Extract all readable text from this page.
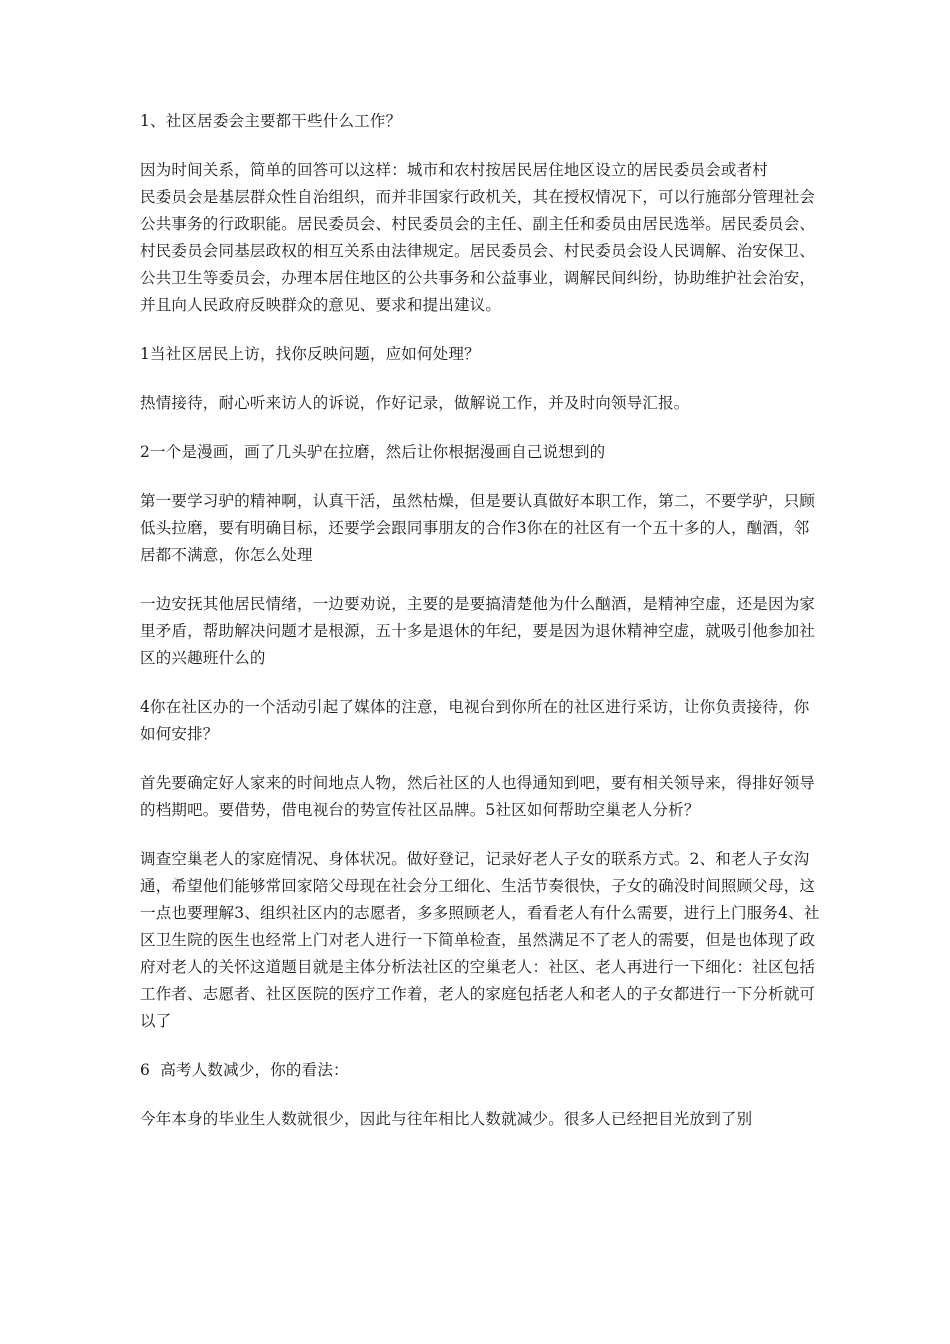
1、社区居委会主要都干些什么工作？

因为时间关系，简单的回答可以这样：城市和农村按居民居住地区设立的居民委员会或者村
民委员会是基层群众性自治组织，而并非国家行政机关，其在授权情况下，可以行施部分管理社会公共事务的行政职能。居民委员会、村民委员会的主任、副主任和委员由居民选举。居民委员会、村民委员会同基层政权的相互关系由法律规定。居民委员会、村民委员会设人民调解、治安保卫、公共卫生等委员会，办理本居住地区的公共事务和公益事业，调解民间纠纷，协助维护社会治安，并且向人民政府反映群众的意见、要求和提出建议。

1当社区居民上访，找你反映问题，应如何处理？

热情接待，耐心听来访人的诉说，作好记录，做解说工作，并及时向领导汇报。

2一个是漫画，画了几头驴在拉磨，然后让你根据漫画自己说想到的

第一要学习驴的精神啊，认真干活，虽然枯燥，但是要认真做好本职工作，第二，不要学驴，只顾低头拉磨，要有明确目标，还要学会跟同事朋友的合作3你在的社区有一个五十多的人，酗酒，邻居都不满意，你怎么处理

一边安抚其他居民情绪，一边要劝说，主要的是要搞清楚他为什么酗酒，是精神空虚，还是因为家里矛盾，帮助解决问题才是根源，五十多是退休的年纪，要是因为退休精神空虚，就吸引他参加社区的兴趣班什么的

4你在社区办的一个活动引起了媒体的注意，电视台到你所在的社区进行采访，让你负责接待，你如何安排？

首先要确定好人家来的时间地点人物，然后社区的人也得通知到吧，要有相关领导来，得排好领导的档期吧。要借势，借电视台的势宣传社区品牌。5社区如何帮助空巢老人分析？

调查空巢老人的家庭情况、身体状况。做好登记，记录好老人子女的联系方式。2、和老人子女沟通，希望他们能够常回家陪父母现在社会分工细化、生活节奏很快，子女的确没时间照顾父母，这一点也要理解3、组织社区内的志愿者，多多照顾老人，看看老人有什么需要，进行上门服务4、社区卫生院的医生也经常上门对老人进行一下简单检查，虽然满足不了老人的需要，但是也体现了政府对老人的关怀这道题目就是主体分析法社区的空巢老人：社区、老人再进行一下细化：社区包括工作者、志愿者、社区医院的医疗工作着，老人的家庭包括老人和老人的子女都进行一下分析就可以了

6  高考人数减少，你的看法：

今年本身的毕业生人数就很少，因此与往年相比人数就减少。很多人已经把目光放到了别
